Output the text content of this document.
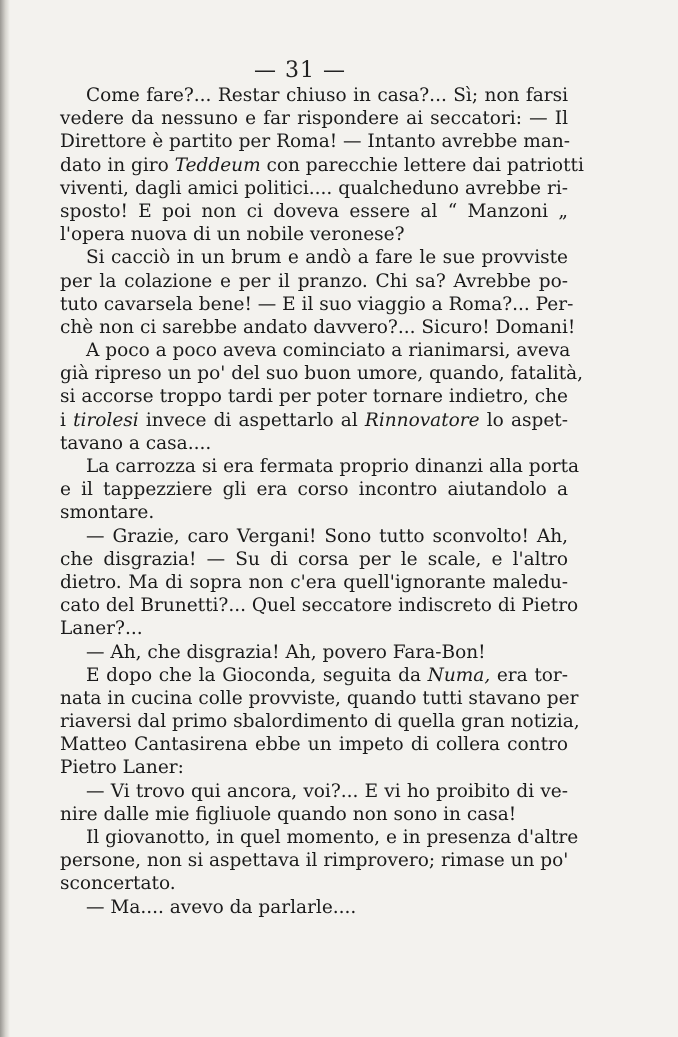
— 31 —
Come fare?... Restar chiuso in casa?... Sì; non farsi
vedere da nessuno e far rispondere ai seccatori: — Il
Direttore è partito per Roma! — Intanto avrebbe man-
dato in giro Teddeum con parecchie lettere dai patriotti
viventi, dagli amici politici.... qualcheduno avrebbe ri-
sposto! E poi non ci doveva essere al “ Manzoni „
l'opera nuova di un nobile veronese?
Si cacciò in un brum e andò a fare le sue provviste
per la colazione e per il pranzo. Chi sa? Avrebbe po-
tuto cavarsela bene! — E il suo viaggio a Roma?... Per-
chè non ci sarebbe andato davvero?... Sicuro! Domani!
A poco a poco aveva cominciato a rianimarsi, aveva
già ripreso un po' del suo buon umore, quando, fatalità,
si accorse troppo tardi per poter tornare indietro, che
i tirolesi invece di aspettarlo al Rinnovatore lo aspet-
tavano a casa....
La carrozza si era fermata proprio dinanzi alla porta
e il tappezziere gli era corso incontro aiutandolo a
smontare.
— Grazie, caro Vergani! Sono tutto sconvolto! Ah,
che disgrazia! — Su di corsa per le scale, e l'altro
dietro. Ma di sopra non c'era quell'ignorante maledu-
cato del Brunetti?... Quel seccatore indiscreto di Pietro
Laner?...
— Ah, che disgrazia! Ah, povero Fara-Bon!
E dopo che la Gioconda, seguita da Numa, era tor-
nata in cucina colle provviste, quando tutti stavano per
riaversi dal primo sbalordimento di quella gran notizia,
Matteo Cantasirena ebbe un impeto di collera contro
Pietro Laner:
— Vi trovo qui ancora, voi?... E vi ho proibito di ve-
nire dalle mie figliuole quando non sono in casa!
Il giovanotto, in quel momento, e in presenza d'altre
persone, non si aspettava il rimprovero; rimase un po'
sconcertato.
— Ma.... avevo da parlarle....
